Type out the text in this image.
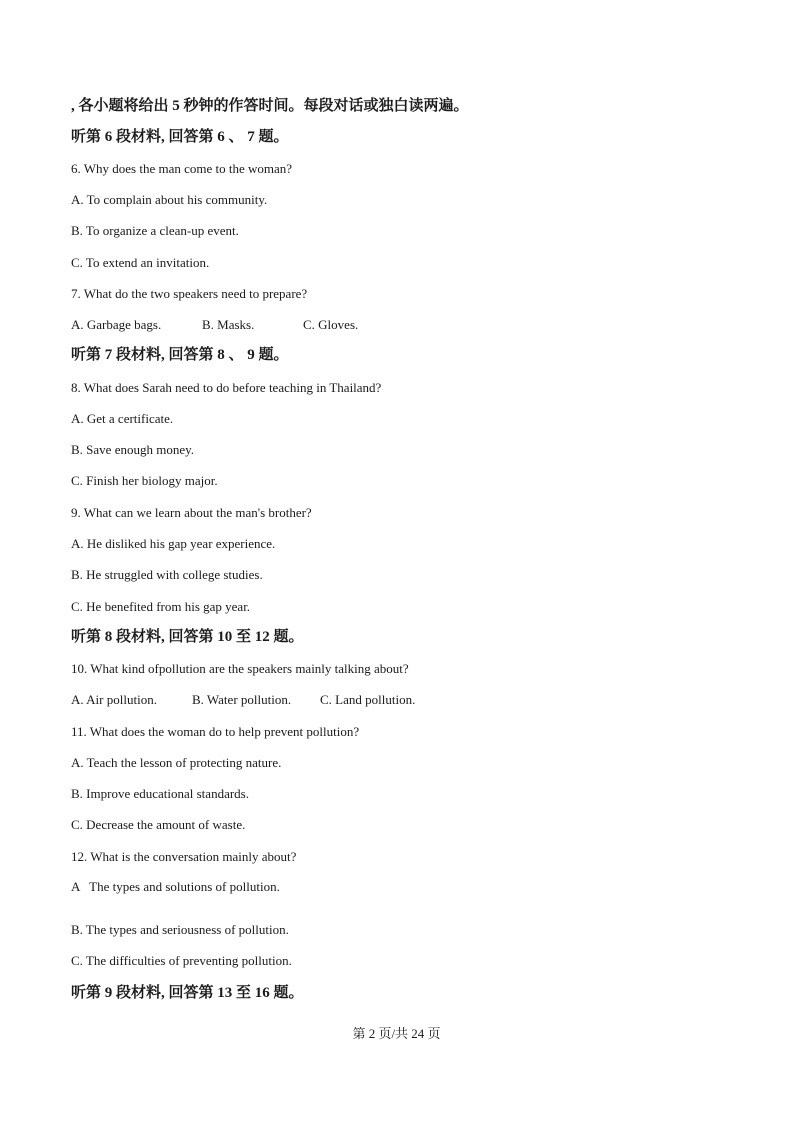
, 各小题将给出 5 秒钟的作答时间。每段对话或独白读两遍。
听第 6 段材料, 回答第 6 、 7 题。
6. Why does the man come to the woman?
A. To complain about his community.
B. To organize a clean-up event.
C. To extend an invitation.
7. What do the two speakers need to prepare?
A. Garbage bags.	B. Masks.	C. Gloves.
听第 7 段材料, 回答第 8 、 9 题。
8. What does Sarah need to do before teaching in Thailand?
A. Get a certificate.
B. Save enough money.
C. Finish her biology major.
9. What can we learn about the man's brother?
A. He disliked his gap year experience.
B. He struggled with college studies.
C. He benefited from his gap year.
听第 8 段材料, 回答第 10 至 12 题。
10. What kind ofpollution are the speakers mainly talking about?
A. Air pollution.	B. Water pollution. C. Land pollution.
11. What does the woman do to help prevent pollution?
A. Teach the lesson of protecting nature.
B. Improve educational standards.
C. Decrease the amount of waste.
12. What is the conversation mainly about?
A   The types and solutions of pollution.
B. The types and seriousness of pollution.
C. The difficulties of preventing pollution.
听第 9 段材料, 回答第 13 至 16 题。
第 2 页/共 24 页
